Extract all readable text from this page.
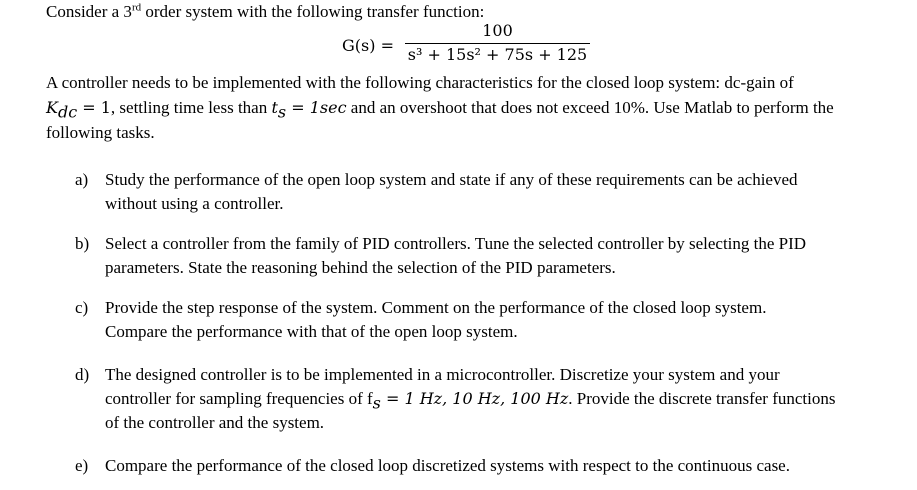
Consider a 3rd order system with the following transfer function:
G(s) =
100
s³ + 15s² + 75s + 125
A controller needs to be implemented with the following characteristics for the closed loop system: dc-gain of
$K_{dc} = 1$, settling time less than $t_s = 1\sec$ and an overshoot that does not exceed 10%. Use Matlab to perform the
following tasks.
a) Study the performance of the open loop system and state if any of these requirements can be achieved
without using a controller.
b) Select a controller from the family of PID controllers. Tune the selected controller by selecting the PID
parameters. State the reasoning behind the selection of the PID parameters.
c) Provide the step response of the system. Comment on the performance of the closed loop system.
Compare the performance with that of the open loop system.
d) The designed controller is to be implemented in a microcontroller. Discretize your system and your
controller for sampling frequencies of $f_s = 1$ Hz, 10 Hz, 100 Hz. Provide the discrete transfer functions
of the controller and the system.
e) Compare the performance of the closed loop discretized systems with respect to the continuous case.
